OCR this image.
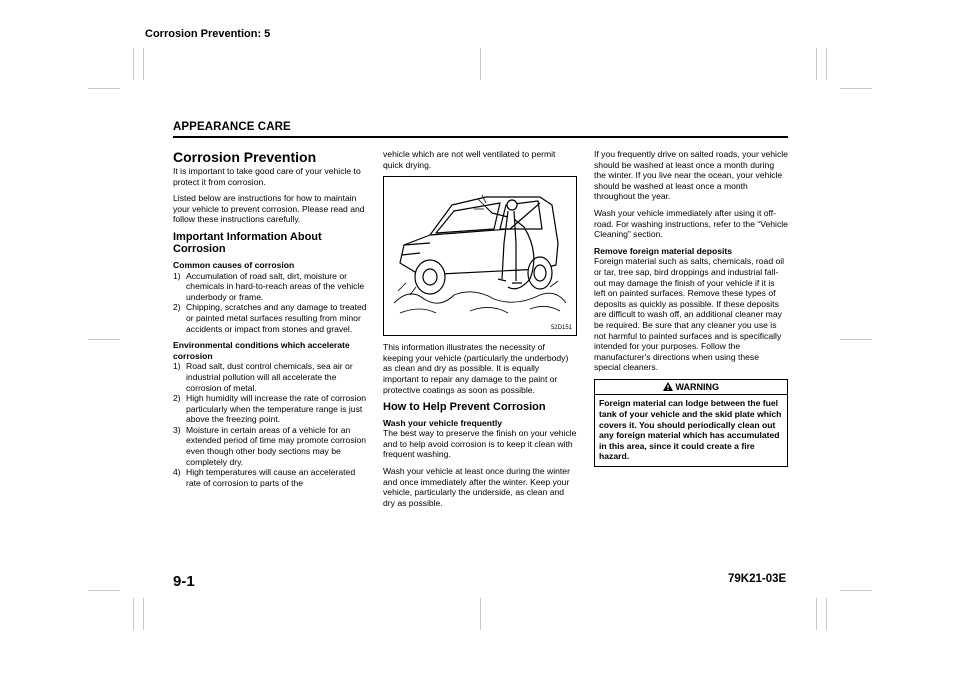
Corrosion Prevention: 5
APPEARANCE CARE
Corrosion Prevention

It is important to take good care of your vehicle to protect it from corrosion.

Listed below are instructions for how to maintain your vehicle to prevent corrosion. Please read and follow these instructions carefully.

Important Information About Corrosion
Common causes of corrosion
1) Accumulation of road salt, dirt, moisture or chemicals in hard-to-reach areas of the vehicle underbody or frame.
2) Chipping, scratches and any damage to treated or painted metal surfaces resulting from minor accidents or impact from stones and gravel.
Environmental conditions which accelerate corrosion
1) Road salt, dust control chemicals, sea air or industrial pollution will all accelerate the corrosion of metal.
2) High humidity will increase the rate of corrosion particularly when the temperature range is just above the freezing point.
3) Moisture in certain areas of a vehicle for an extended period of time may promote corrosion even though other body sections may be completely dry.
4) High temperatures will cause an accelerated rate of corrosion to parts of the

vehicle which are not well ventilated to permit quick drying.

52D151

This information illustrates the necessity of keeping your vehicle (particularly the underbody) as clean and dry as possible. It is equally important to repair any damage to the paint or protective coatings as soon as possible.

How to Help Prevent Corrosion
Wash your vehicle frequently

The best way to preserve the finish on your vehicle and to help avoid corrosion is to keep it clean with frequent washing.

Wash your vehicle at least once during the winter and once immediately after the winter. Keep your vehicle, particularly the underside, as clean and dry as possible.

If you frequently drive on salted roads, your vehicle should be washed at least once a month during the winter. If you live near the ocean, your vehicle should be washed at least once a month throughout the year.

Wash your vehicle immediately after using it off-road. For washing instructions, refer to the “Vehicle Cleaning” section.

Remove foreign material deposits

Foreign material such as salts, chemicals, road oil or tar, tree sap, bird droppings and industrial fall-out may damage the finish of your vehicle if it is left on painted surfaces. Remove these types of deposits as quickly as possible. If these deposits are difficult to wash off, an additional cleaner may be required. Be sure that any cleaner you use is not harmful to painted surfaces and is specifically intended for your purposes. Follow the manufacturer's directions when using these special cleaners.

WARNING
Foreign material can lodge between the fuel tank of your vehicle and the skid plate which covers it. You should periodically clean out any foreign material which has accumulated in this area, since it could create a fire hazard.
9-1	79K21-03E
